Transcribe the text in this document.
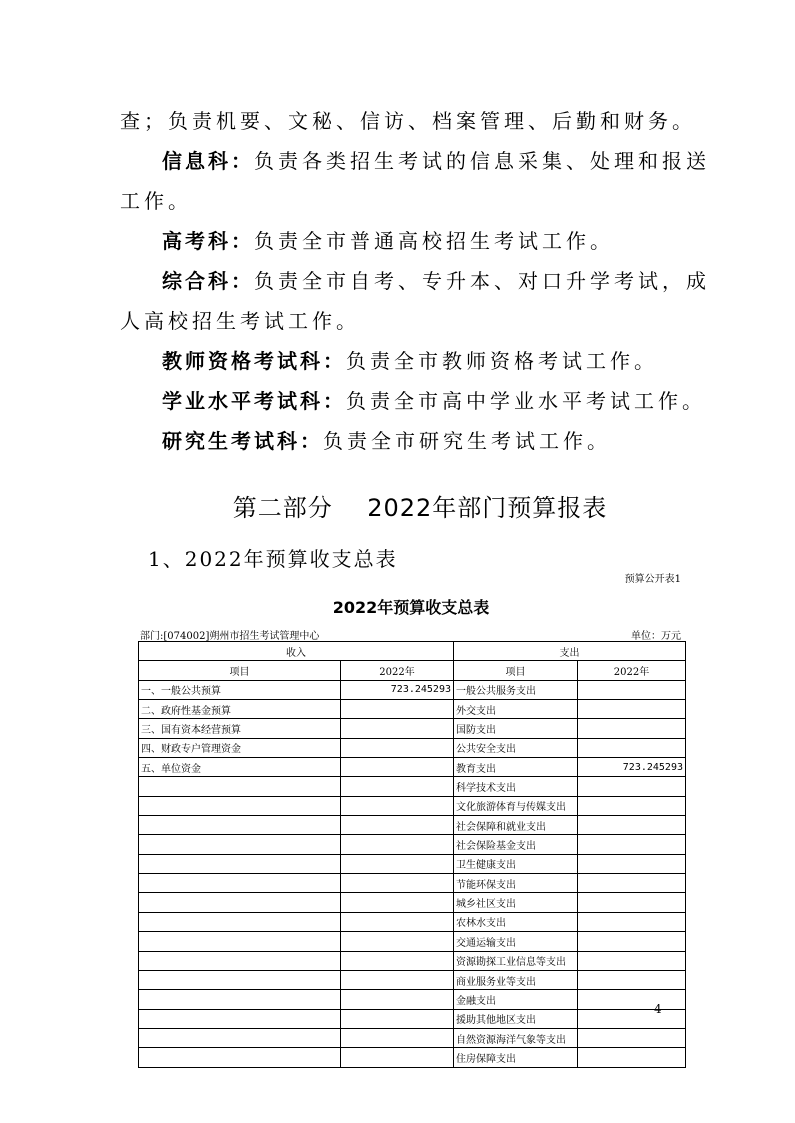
查；负责机要、文秘、信访、档案管理、后勤和财务。
信息科：负责各类招生考试的信息采集、处理和报送
工作。
高考科：负责全市普通高校招生考试工作。
综合科：负责全市自考、专升本、对口升学考试，成
人高校招生考试工作。
教师资格考试科：负责全市教师资格考试工作。
学业水平考试科：负责全市高中学业水平考试工作。
研究生考试科：负责全市研究生考试工作。
第二部分    2022年部门预算报表
1、2022年预算收支总表
预算公开表1
2022年预算收支总表
部门:[074002]朔州市招生考试管理中心	单位：万元
收入		支出	
项目	2022年	项目	2022年
一、一般公共预算	723.245293	一般公共服务支出	
二、政府性基金预算		外交支出	
三、国有资本经营预算		国防支出	
四、财政专户管理资金		公共安全支出	
五、单位资金		教育支出	723.245293
		科学技术支出	
		文化旅游体育与传媒支出	
		社会保障和就业支出	
		社会保险基金支出	
		卫生健康支出	
		节能环保支出	
		城乡社区支出	
		农林水支出	
		交通运输支出	
		资源勘探工业信息等支出	
		商业服务业等支出	
		金融支出	
		援助其他地区支出	
		自然资源海洋气象等支出	
		住房保障支出	
4
